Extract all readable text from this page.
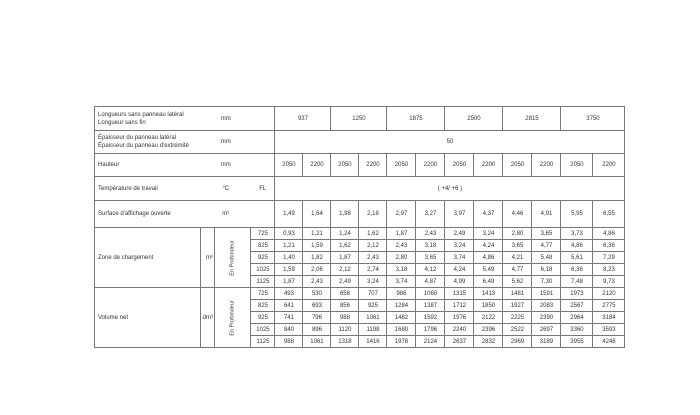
Longueurs sans panneau latéral
Longueur sans fin	mm			937		1250		1875		2500		2815		3750	
Épaisseur du panneau latéral
Épaisseur du panneau d'extrémité	mm			50											
Hauteur	mm			2050	2200	2050	2200	2050	2200	2050	2200	2050	2200	2050	2200
Température de travail	°C		FL	( +4/ +6 )											
Surface d'affichage ouverte	m²			1,49	1,64	1,98	2,18	2,97	3,27	3,97	4,37	4,46	4,91	5,95	6,55
Zone de chargement	m²	En Profondeur	725	0,93	1,21	1,24	1,62	1,87	2,43	2,49	3,24	2,80	3,65	3,73	4,86
			825	1,21	1,59	1,62	2,12	2,43	3,18	3,24	4,24	3,65	4,77	4,86	6,36
			925	1,40	1,82	1,87	2,43	2,80	3,65	3,74	4,86	4,21	5,48	5,61	7,29
			1025	1,59	2,06	2,12	2,74	3,18	4,12	4,24	5,49	4,77	6,18	6,36	8,23
			1125	1,87	2,43	2,49	3,24	3,74	4,87	4,99	6,49	5,62	7,30	7,48	9,73
Volume net	dm³	En Profondeur	725	493	530	658	707	986	1060	1315	1413	1481	1591	1973	2120
			825	641	693	856	925	1284	1387	1712	1850	1927	2083	2567	2775
			925	741	796	988	1061	1482	1592	1976	2122	2225	2390	2964	3184
			1025	840	896	1120	1198	1680	1796	2240	2396	2522	2697	3360	3593
			1125	988	1061	1318	1416	1978	2124	2637	2832	2969	3189	3955	4248
